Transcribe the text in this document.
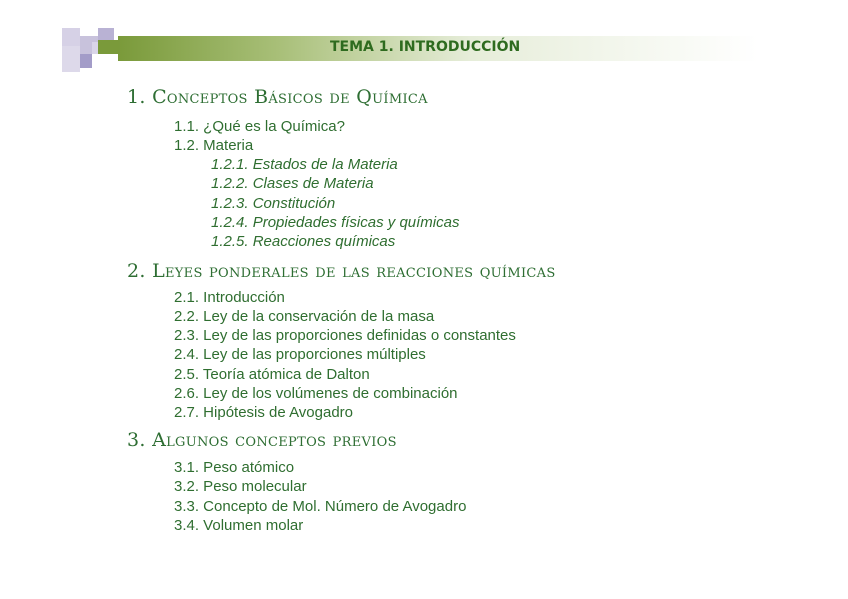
TEMA 1. INTRODUCCIÓN
1. Conceptos Básicos de Química
1.1. ¿Qué es la Química?
1.2. Materia
1.2.1. Estados de la Materia
1.2.2. Clases de Materia
1.2.3. Constitución
1.2.4. Propiedades físicas y químicas
1.2.5. Reacciones químicas
2. Leyes ponderales de las reacciones químicas
2.1. Introducción
2.2. Ley de la conservación de la masa
2.3. Ley de las proporciones definidas o constantes
2.4. Ley de las proporciones múltiples
2.5. Teoría atómica de Dalton
2.6. Ley de los volúmenes de combinación
2.7. Hipótesis de Avogadro
3. Algunos conceptos previos
3.1. Peso atómico
3.2. Peso molecular
3.3. Concepto de Mol. Número de Avogadro
3.4. Volumen molar
